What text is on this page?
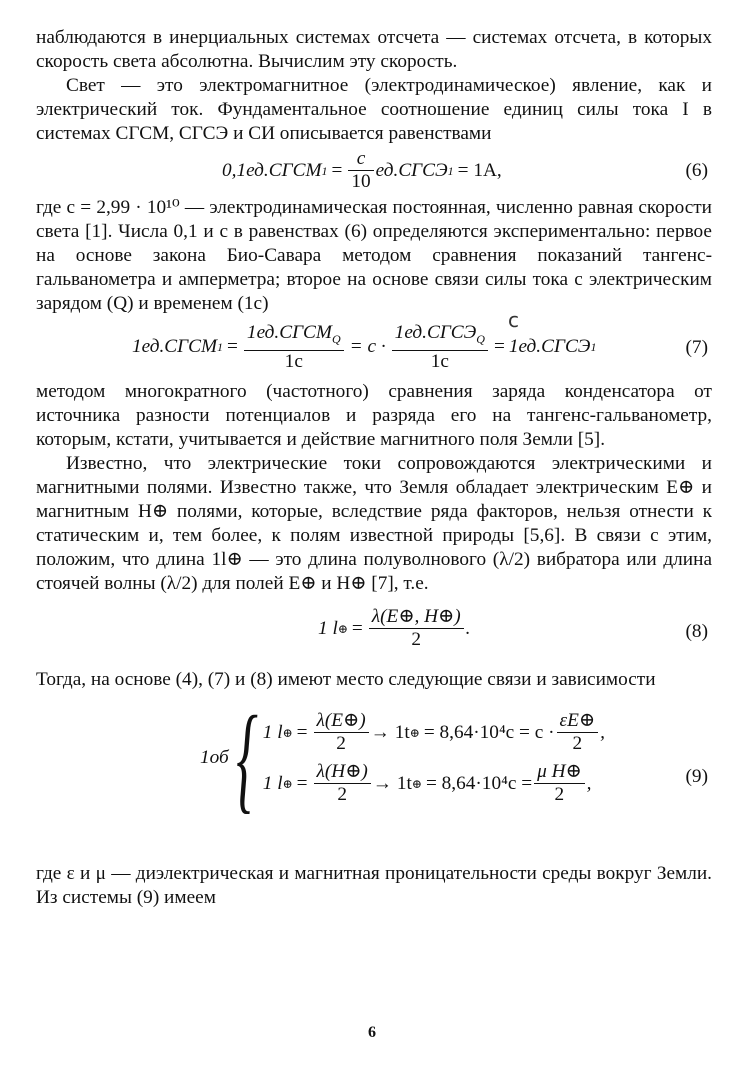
наблюдаются в инерциальных системах отсчета — системах отсчета, в которых скорость света абсолютна. Вычислим эту скорость.

Свет — это электромагнитное (электродинамическое) явление, как и электрический ток. Фундаментальное соотношение единиц силы тока I в системах СГСМ, СГСЭ и СИ описывается равенствами

0,1ед.СГСМ $1 = \frac{c}{10}$ ед.СГСЭ 1 = 1A,	(6)

где c = 2,99 · 10¹⁰ — электродинамическая постоянная, численно равная скорости света [1]. Числа 0,1 и c в равенствах (6) определяются экспериментально: первое на основе закона Био-Савара методом сравнения показаний тангенс-гальванометра и амперметра; второе на основе связи силы тока с электрическим зарядом (Q) и временем (1с)

1ед.СГСМ $1 = \frac{1ед.СГСМ_Q}{1c} = c \cdot \frac{1ед.СГСЭ_Q}{1c}$ = 1ед.СГСЭ 1
c
(7)

методом многократного (частотного) сравнения заряда конденсатора от источника разности потенциалов и разряда его на тангенс-гальванометр, которым, кстати, учитывается и действие магнитного поля Земли [5].

Известно, что электрические токи сопровождаются электрическими и магнитными полями. Известно также, что Земля обладает электрическим E⊕ и магнитным H⊕ полями, которые, вследствие ряда факторов, нельзя отнести к статическим и, тем более, к полям известной природы [5,6]. В связи с этим, положим, что длина 1l⊕ — это длина полуволнового (λ/2) вибратора или длина стоячей волны (λ/2) для полей E⊕ и H⊕ [7], т.е.

1 l ⊕ = $\frac{\lambda(E\oplus, H\oplus)}{2}$ .	(8)

Тогда, на основе (4), (7) и (8) имеют место следующие связи и зависимости

1об { 1 l ⊕ = $\frac{\lambda(E\oplus)}{2} \to 1t$ ⊕ = $8,64\cdot 10^4c = c \cdot \frac{\varepsilon E\oplus}{2}$ ,
1 l ⊕ = $\frac{\lambda(H\oplus)}{2} \to 1t$ ⊕ = $8,64\cdot 10^4c = \frac{\text{μ H⊕}}{2}$ ,	(9)

где ε и μ — диэлектрическая и магнитная проницательности среды вокруг Земли. Из системы (9) имеем

6
